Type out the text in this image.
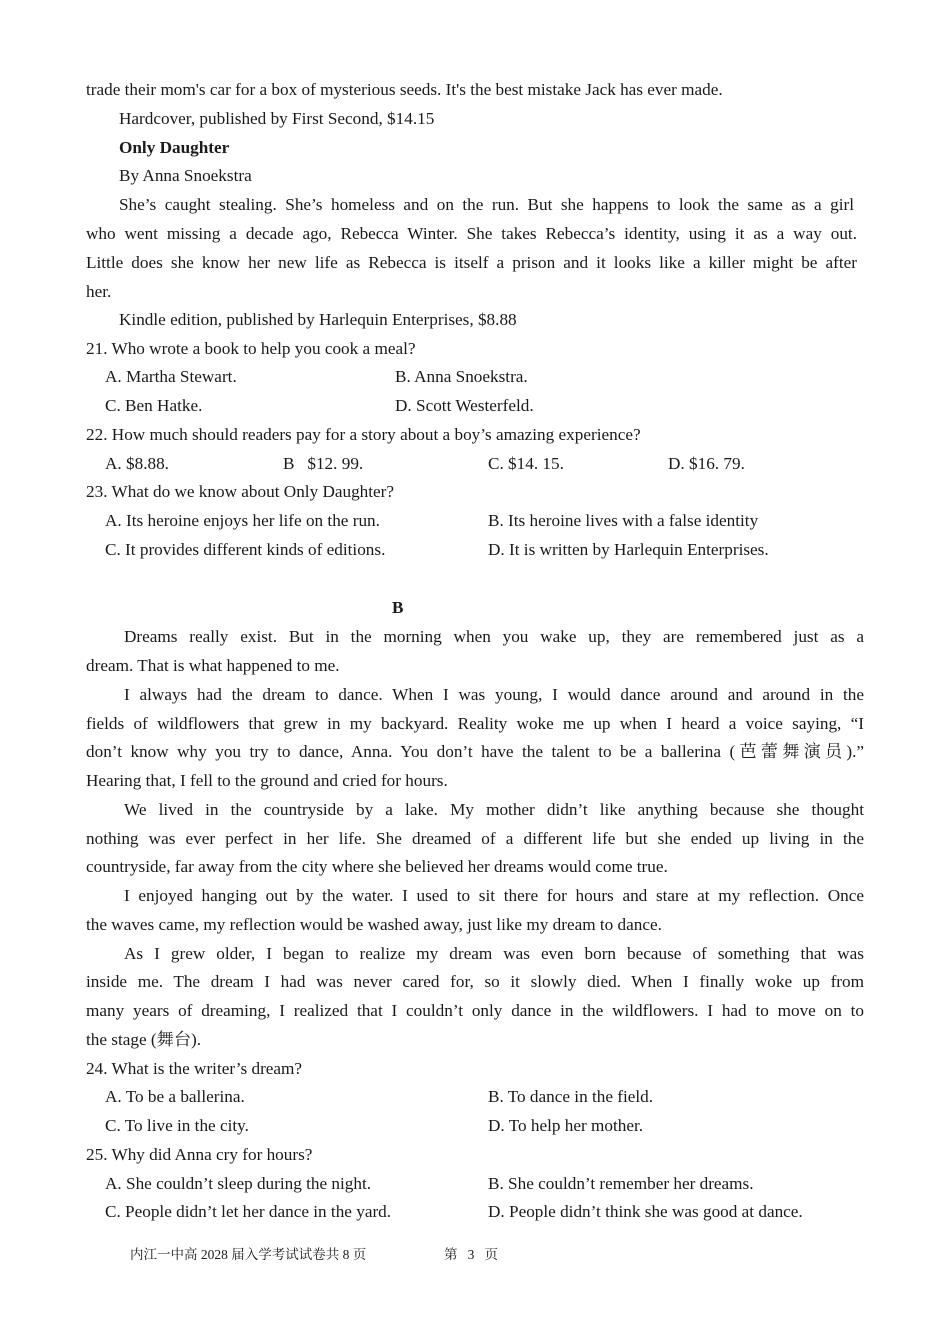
trade their mom's car for a box of mysterious seeds. It's the best mistake Jack has ever made.
Hardcover, published by First Second, $14.15
Only Daughter
By Anna Snoekstra
She’s caught stealing. She’s homeless and on the run. But she happens to look the same as a girl
who went missing a decade ago, Rebecca Winter. She takes Rebecca’s identity, using it as a way out.
Little does she know her new life as Rebecca is itself a prison and it looks like a killer might be after
her.
Kindle edition, published by Harlequin Enterprises, $8.88
21. Who wrote a book to help you cook a meal?
A. Martha Stewart.	B. Anna Snoekstra.
C. Ben Hatke.	D. Scott Westerfeld.
22. How much should readers pay for a story about a boy’s amazing experience?
A. $8.88.	B   $12. 99.	C. $14. 15.	D. $16. 79.
23. What do we know about Only Daughter?
A. Its heroine enjoys her life on the run.	B. Its heroine lives with a false identity
C. It provides different kinds of editions.	D. It is written by Harlequin Enterprises.
B
Dreams really exist. But in the morning when you wake up, they are remembered just as a
dream. That is what happened to me.
I always had the dream to dance. When I was young, I would dance around and around in the
fields of wildflowers that grew in my backyard. Reality woke me up when I heard a voice saying, “I
don’t know why you try to dance, Anna. You don’t have the talent to be a ballerina (芭蕾舞演员).”
Hearing that, I fell to the ground and cried for hours.
We lived in the countryside by a lake. My mother didn’t like anything because she thought
nothing was ever perfect in her life. She dreamed of a different life but she ended up living in the
countryside, far away from the city where she believed her dreams would come true.
I enjoyed hanging out by the water. I used to sit there for hours and stare at my reflection. Once
the waves came, my reflection would be washed away, just like my dream to dance.
As I grew older, I began to realize my dream was even born because of something that was
inside me. The dream I had was never cared for, so it slowly died. When I finally woke up from
many years of dreaming, I realized that I couldn’t only dance in the wildflowers. I had to move on to
the stage (舞台).
24. What is the writer’s dream?
A. To be a ballerina.	B. To dance in the field.
C. To live in the city.	D. To help her mother.
25. Why did Anna cry for hours?
A. She couldn’t sleep during the night.	B. She couldn’t remember her dreams.
C. People didn’t let her dance in the yard.	D. People didn’t think she was good at dance.
内江一中高 2028 届入学考试试卷共 8 页	第   3   页
